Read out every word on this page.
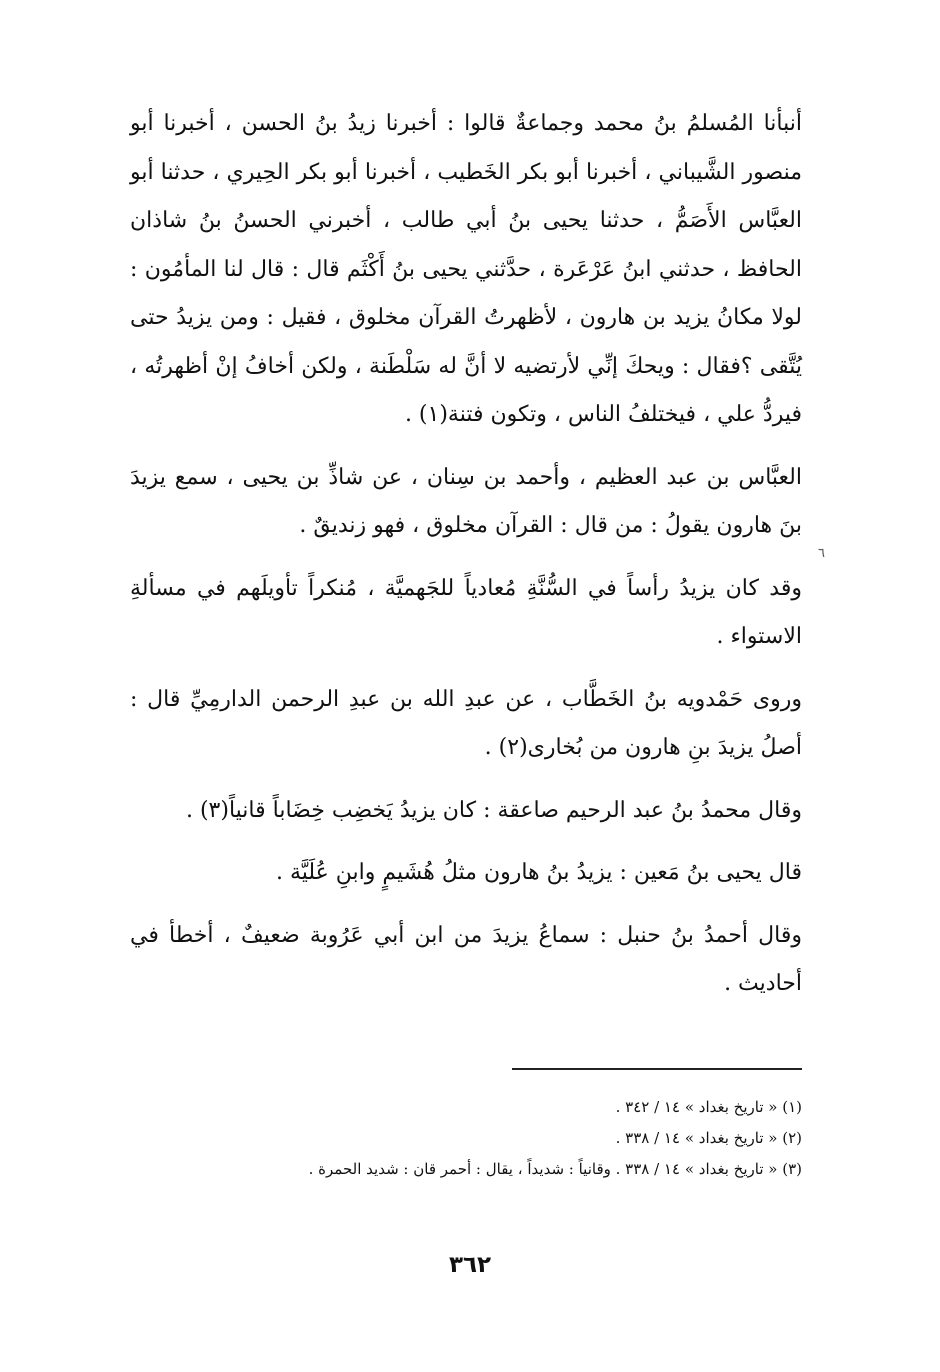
أنبأنا المُسلمُ بنُ محمد وجماعةٌ قالوا : أخبرنا زيدُ بنُ الحسن ، أخبرنا أبو منصور الشَّيباني ، أخبرنا أبو بكر الخَطيب ، أخبرنا أبو بكر الحِيري ، حدثنا أبو العبَّاس الأَصَمُّ ، حدثنا يحيى بنُ أبي طالب ، أخبرني الحسنُ بنُ شاذان الحافظ ، حدثني ابنُ عَرْعَرة ، حدَّثني يحيى بنُ أَكْثَم قال : قال لنا المأمُون : لولا مكانُ يزيد بن هارون ، لأظهرتُ القرآن مخلوق ، فقيل : ومن يزيدُ حتى يُتَّقى ؟فقال : ويحكَ إنِّي لأرتضيه لا أنَّ له سَلْطَنة ، ولكن أخافُ إنْ أظهرتُه ، فيردُّ علي ، فيختلفُ الناس ، وتكون فتنة(١) .

العبَّاس بن عبد العظيم ، وأحمد بن سِنان ، عن شاذِّ بن يحيى ، سمع يزيدَ بنَ هارون يقولُ : من قال : القرآن مخلوق ، فهو زنديقٌ .

وقد كان يزيدُ رأساً في السُّنَّةِ مُعادياً للجَهميَّة ، مُنكراً تأويلَهم في مسألةِ الاستواء .

وروى حَمْدويه بنُ الخَطَّاب ، عن عبدِ الله بن عبدِ الرحمن الدارمِيِّ قال : أصلُ يزيدَ بنِ هارون من بُخارى(٢) .

وقال محمدُ بنُ عبد الرحيم صاعقة : كان يزيدُ يَخضِب خِضَاباً قانياً(٣) .

قال يحيى بنُ مَعين : يزيدُ بنُ هارون مثلُ هُشَيمٍ وابنِ عُلَيَّة .

وقال أحمدُ بنُ حنبل : سماعُ يزيدَ من ابن أبي عَرُوبة ضعيفٌ ، أخطأ في أحاديث .

٦

(١) « تاريخ بغداد » ١٤ / ٣٤٢ .

(٢) « تاريخ بغداد » ١٤ / ٣٣٨ .

(٣) « تاريخ بغداد » ١٤ / ٣٣٨ . وقانياً : شديداً ، يقال : أحمر قان : شديد الحمرة .

٣٦٢
